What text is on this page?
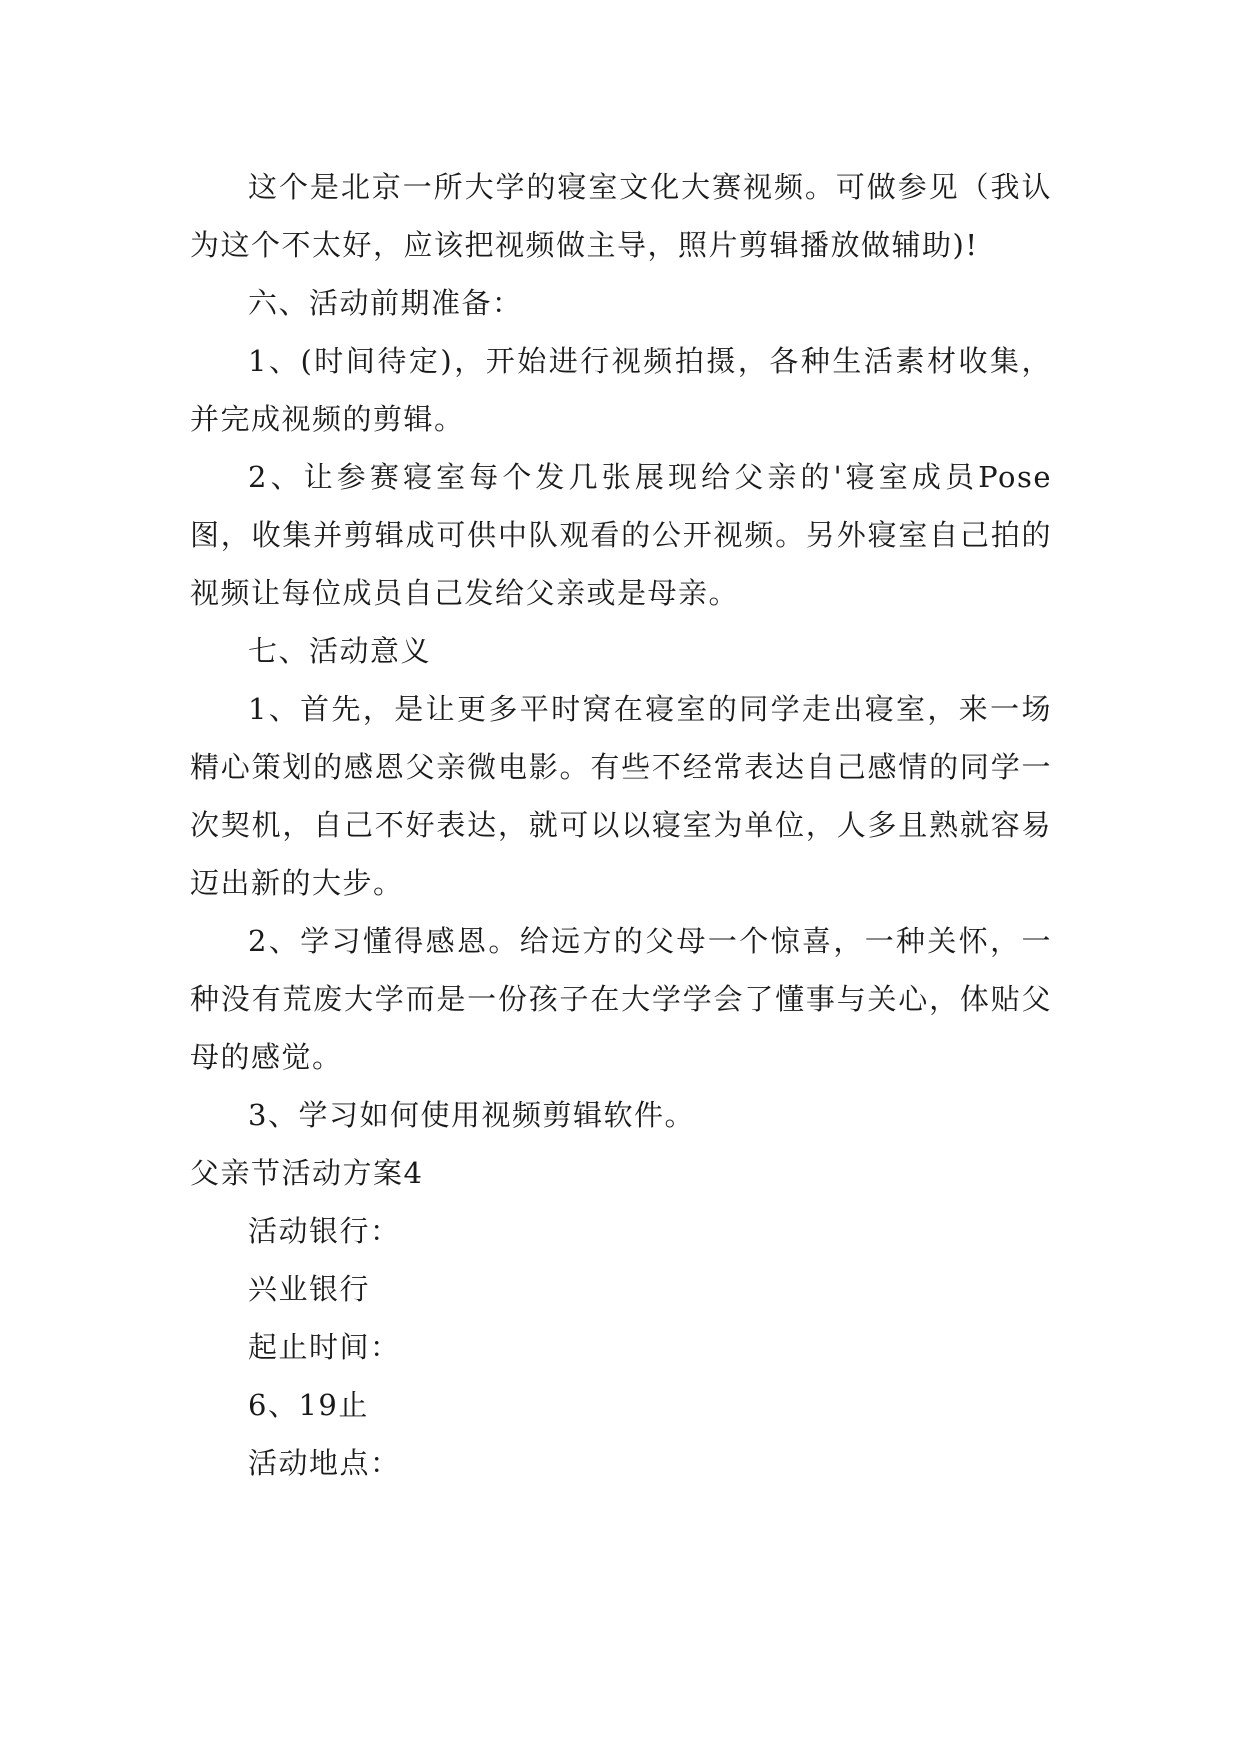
这个是北京一所大学的寝室文化大赛视频。可做参见（我认为这个不太好，应该把视频做主导，照片剪辑播放做辅助)!

六、活动前期准备：

1、(时间待定)，开始进行视频拍摄，各种生活素材收集，并完成视频的剪辑。

2、让参赛寝室每个发几张展现给父亲的'寝室成员Pose图，收集并剪辑成可供中队观看的公开视频。另外寝室自己拍的视频让每位成员自己发给父亲或是母亲。

七、活动意义

1、首先，是让更多平时窝在寝室的同学走出寝室，来一场精心策划的感恩父亲微电影。有些不经常表达自己感情的同学一次契机，自己不好表达，就可以以寝室为单位，人多且熟就容易迈出新的大步。

2、学习懂得感恩。给远方的父母一个惊喜，一种关怀，一种没有荒废大学而是一份孩子在大学学会了懂事与关心，体贴父母的感觉。

3、学习如何使用视频剪辑软件。

父亲节活动方案4

活动银行：

兴业银行

起止时间：

6、19止

活动地点：
